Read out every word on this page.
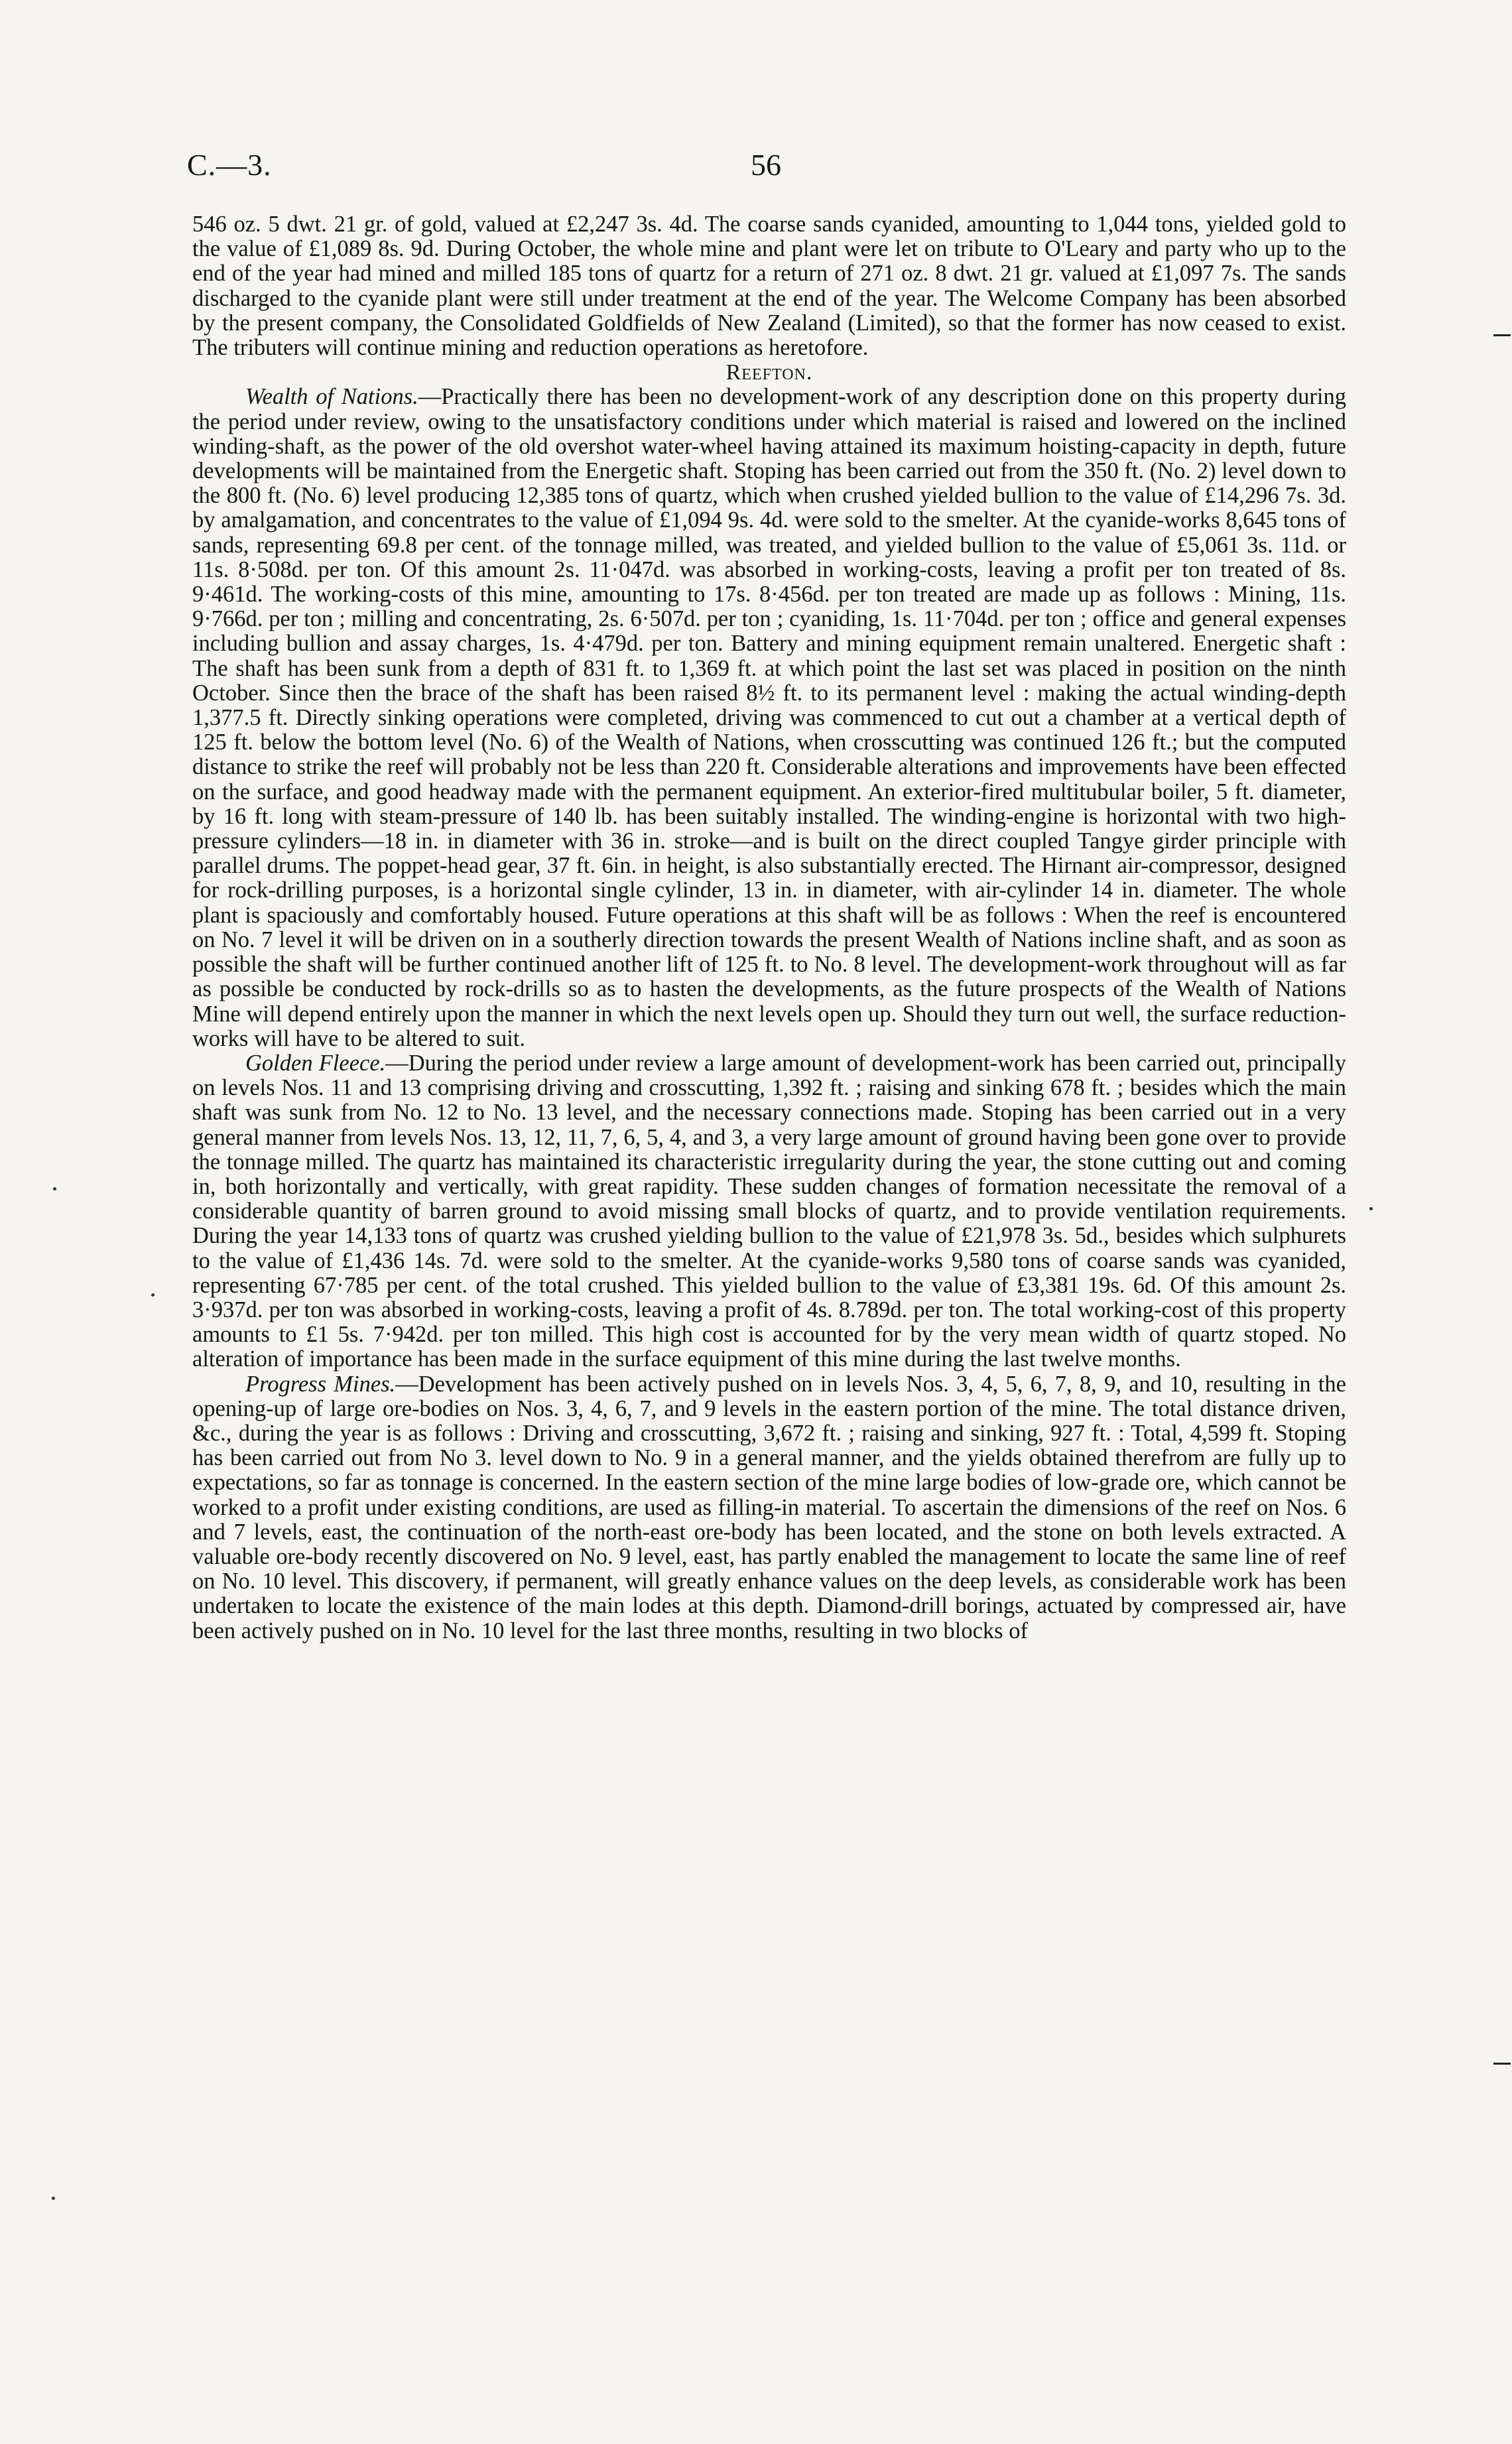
C.—3.	56

546 oz. 5 dwt. 21 gr. of gold, valued at £2,247 3s. 4d. The coarse sands cyanided, amounting to 1,044 tons, yielded gold to the value of £1,089 8s. 9d. During October, the whole mine and plant were let on tribute to O'Leary and party who up to the end of the year had mined and milled 185 tons of quartz for a return of 271 oz. 8 dwt. 21 gr. valued at £1,097 7s. The sands discharged to the cyanide plant were still under treatment at the end of the year. The Welcome Company has been absorbed by the present company, the Consolidated Goldfields of New Zealand (Limited), so that the former has now ceased to exist. The tributers will continue mining and reduction operations as heretofore.

Reefton.

Wealth of Nations.—Practically there has been no development-work of any description done on this property during the period under review, owing to the unsatisfactory conditions under which material is raised and lowered on the inclined winding-shaft, as the power of the old overshot water-wheel having attained its maximum hoisting-capacity in depth, future developments will be maintained from the Energetic shaft. Stoping has been carried out from the 350 ft. (No. 2) level down to the 800 ft. (No. 6) level producing 12,385 tons of quartz, which when crushed yielded bullion to the value of £14,296 7s. 3d. by amalgamation, and concentrates to the value of £1,094 9s. 4d. were sold to the smelter. At the cyanide-works 8,645 tons of sands, representing 69.8 per cent. of the tonnage milled, was treated, and yielded bullion to the value of £5,061 3s. 11d. or 11s. 8·508d. per ton. Of this amount 2s. 11·047d. was absorbed in working-costs, leaving a profit per ton treated of 8s. 9·461d. The working-costs of this mine, amounting to 17s. 8·456d. per ton treated are made up as follows : Mining, 11s. 9·766d. per ton ; milling and concentrating, 2s. 6·507d. per ton ; cyaniding, 1s. 11·704d. per ton ; office and general expenses including bullion and assay charges, 1s. 4·479d. per ton. Battery and mining equipment remain unaltered. Energetic shaft : The shaft has been sunk from a depth of 831 ft. to 1,369 ft. at which point the last set was placed in position on the ninth October. Since then the brace of the shaft has been raised 8½ ft. to its permanent level : making the actual winding-depth 1,377.5 ft. Directly sinking operations were completed, driving was commenced to cut out a chamber at a vertical depth of 125 ft. below the bottom level (No. 6) of the Wealth of Nations, when crosscutting was continued 126 ft.; but the computed distance to strike the reef will probably not be less than 220 ft. Considerable alterations and improvements have been effected on the surface, and good headway made with the permanent equipment. An exterior-fired multitubular boiler, 5 ft. diameter, by 16 ft. long with steam-pressure of 140 lb. has been suitably installed. The winding-engine is horizontal with two high-pressure cylinders—18 in. in diameter with 36 in. stroke—and is built on the direct coupled Tangye girder principle with parallel drums. The poppet-head gear, 37 ft. 6in. in height, is also substantially erected. The Hirnant air-compressor, designed for rock-drilling purposes, is a horizontal single cylinder, 13 in. in diameter, with air-cylinder 14 in. diameter. The whole plant is spaciously and comfortably housed. Future operations at this shaft will be as follows : When the reef is encountered on No. 7 level it will be driven on in a southerly direction towards the present Wealth of Nations incline shaft, and as soon as possible the shaft will be further continued another lift of 125 ft. to No. 8 level. The development-work throughout will as far as possible be conducted by rock-drills so as to hasten the developments, as the future prospects of the Wealth of Nations Mine will depend entirely upon the manner in which the next levels open up. Should they turn out well, the surface reduction-works will have to be altered to suit.

Golden Fleece.—During the period under review a large amount of development-work has been carried out, principally on levels Nos. 11 and 13 comprising driving and crosscutting, 1,392 ft. ; raising and sinking 678 ft. ; besides which the main shaft was sunk from No. 12 to No. 13 level, and the necessary connections made. Stoping has been carried out in a very general manner from levels Nos. 13, 12, 11, 7, 6, 5, 4, and 3, a very large amount of ground having been gone over to provide the tonnage milled. The quartz has maintained its characteristic irregularity during the year, the stone cutting out and coming in, both horizontally and vertically, with great rapidity. These sudden changes of formation necessitate the removal of a considerable quantity of barren ground to avoid missing small blocks of quartz, and to provide ventilation requirements. During the year 14,133 tons of quartz was crushed yielding bullion to the value of £21,978 3s. 5d., besides which sulphurets to the value of £1,436 14s. 7d. were sold to the smelter. At the cyanide-works 9,580 tons of coarse sands was cyanided, representing 67·785 per cent. of the total crushed. This yielded bullion to the value of £3,381 19s. 6d. Of this amount 2s. 3·937d. per ton was absorbed in working-costs, leaving a profit of 4s. 8.789d. per ton. The total working-cost of this property amounts to £1 5s. 7·942d. per ton milled. This high cost is accounted for by the very mean width of quartz stoped. No alteration of importance has been made in the surface equipment of this mine during the last twelve months.

Progress Mines.—Development has been actively pushed on in levels Nos. 3, 4, 5, 6, 7, 8, 9, and 10, resulting in the opening-up of large ore-bodies on Nos. 3, 4, 6, 7, and 9 levels in the eastern portion of the mine. The total distance driven, &c., during the year is as follows : Driving and crosscutting, 3,672 ft. ; raising and sinking, 927 ft. : Total, 4,599 ft. Stoping has been carried out from No 3. level down to No. 9 in a general manner, and the yields obtained therefrom are fully up to expectations, so far as tonnage is concerned. In the eastern section of the mine large bodies of low-grade ore, which cannot be worked to a profit under existing conditions, are used as filling-in material. To ascertain the dimensions of the reef on Nos. 6 and 7 levels, east, the continuation of the north-east ore-body has been located, and the stone on both levels extracted. A valuable ore-body recently discovered on No. 9 level, east, has partly enabled the management to locate the same line of reef on No. 10 level. This discovery, if permanent, will greatly enhance values on the deep levels, as considerable work has been undertaken to locate the existence of the main lodes at this depth. Diamond-drill borings, actuated by compressed air, have been actively pushed on in No. 10 level for the last three months, resulting in two blocks of
